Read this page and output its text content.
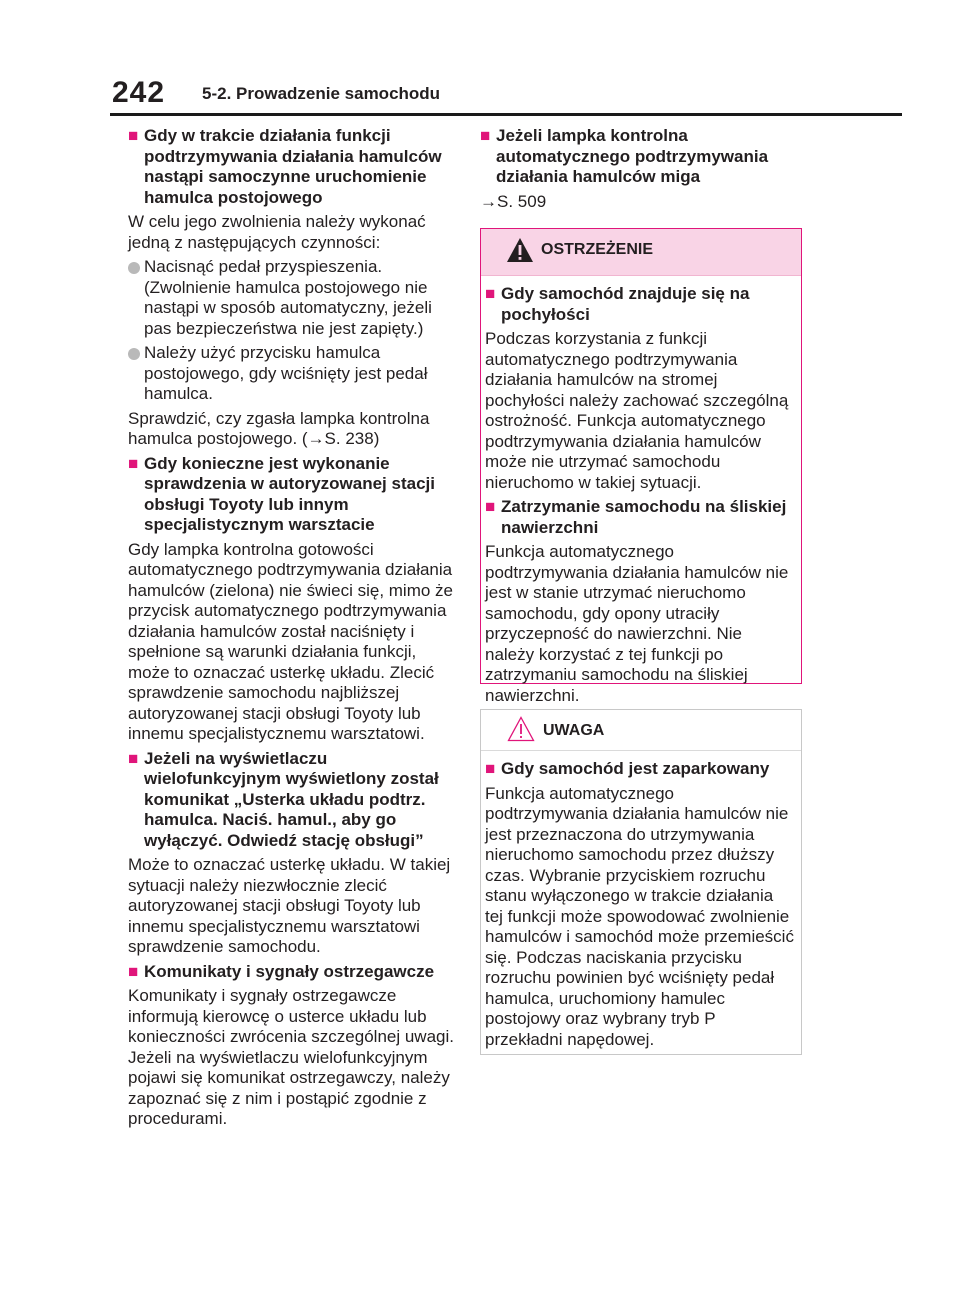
242 5-2. Prowadzenie samochodu
■ Gdy w trakcie działania funkcji podtrzymywania działania hamulców nastąpi samoczynne uruchomienie hamulca postojowego
W celu jego zwolnienia należy wykonać jedną z następujących czynności:
Nacisnąć pedał przyspieszenia. (Zwolnienie hamulca postojowego nie nastąpi w sposób automatyczny, jeżeli pas bezpieczeństwa nie jest zapięty.)
Należy użyć przycisku hamulca postojowego, gdy wciśnięty jest pedał hamulca.
Sprawdzić, czy zgasła lampka kontrolna hamulca postojowego. (→S. 238)
■ Gdy konieczne jest wykonanie sprawdzenia w autoryzowanej stacji obsługi Toyoty lub innym specjalistycznym warsztacie
Gdy lampka kontrolna gotowości automatycznego podtrzymywania działania hamulców (zielona) nie świeci się, mimo że przycisk automatycznego podtrzymywania działania hamulców został naciśnięty i spełnione są warunki działania funkcji, może to oznaczać usterkę układu. Zlecić sprawdzenie samochodu najbliższej autoryzowanej stacji obsługi Toyoty lub innemu specjalistycznemu warsztatowi.
■ Jeżeli na wyświetlaczu wielofunkcyjnym wyświetlony został komunikat „Usterka układu podtrz. hamulca. Naciś. hamul., aby go wyłączyć. Odwiedź stację obsługi”
Może to oznaczać usterkę układu. W takiej sytuacji należy niezwłocznie zlecić autoryzowanej stacji obsługi Toyoty lub innemu specjalistycznemu warsztatowi sprawdzenie samochodu.
■ Komunikaty i sygnały ostrzegawcze
Komunikaty i sygnały ostrzegawcze informują kierowcę o usterce układu lub konieczności zwrócenia szczególnej uwagi. Jeżeli na wyświetlaczu wielofunkcyjnym pojawi się komunikat ostrzegawczy, należy zapoznać się z nim i postąpić zgodnie z procedurami.
■ Jeżeli lampka kontrolna automatycznego podtrzymywania działania hamulców miga
→S. 509
OSTRZEŻENIE
■ Gdy samochód znajduje się na pochyłości
Podczas korzystania z funkcji automatycznego podtrzymywania działania hamulców na stromej pochyłości należy zachować szczególną ostrożność. Funkcja automatycznego podtrzymywania działania hamulców może nie utrzymać samochodu nieruchomo w takiej sytuacji.
■ Zatrzymanie samochodu na śliskiej nawierzchni
Funkcja automatycznego podtrzymywania działania hamulców nie jest w stanie utrzymać nieruchomo samochodu, gdy opony utraciły przyczepność do nawierzchni. Nie należy korzystać z tej funkcji po zatrzymaniu samochodu na śliskiej nawierzchni.
UWAGA
■ Gdy samochód jest zaparkowany
Funkcja automatycznego podtrzymywania działania hamulców nie jest przeznaczona do utrzymywania nieruchomo samochodu przez dłuższy czas. Wybranie przyciskiem rozruchu stanu wyłączonego w trakcie działania tej funkcji może spowodować zwolnienie hamulców i samochód może przemieścić się. Podczas naciskania przycisku rozruchu powinien być wciśnięty pedał hamulca, uruchomiony hamulec postojowy oraz wybrany tryb P przekładni napędowej.
